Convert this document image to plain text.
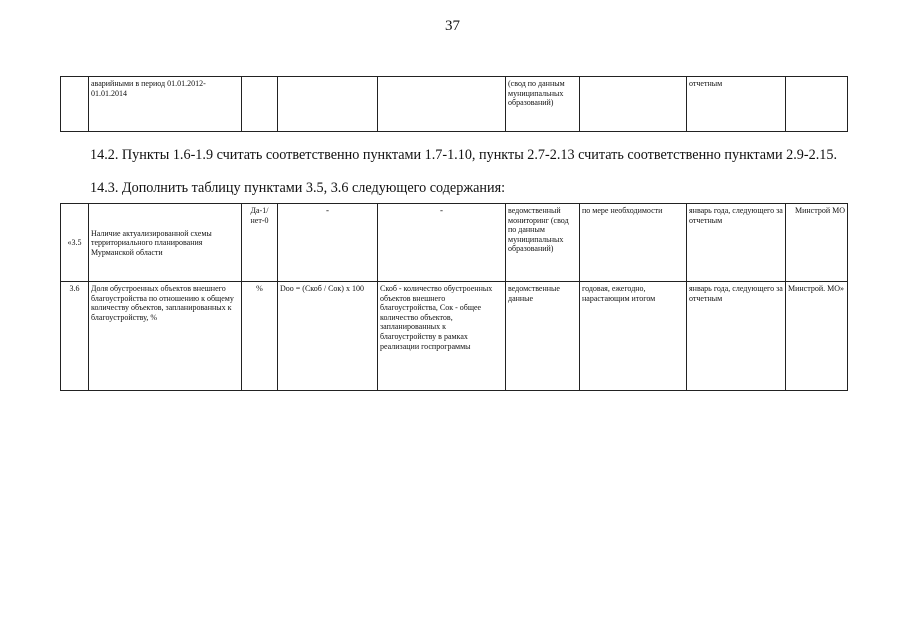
37
	аварийными в период 01.01.2012-01.01.2014				(свод по данным муниципальных образований)		отчетным	

14.2. Пункты 1.6-1.9 считать соответственно пунктами 1.7-1.10, пункты 2.7-2.13 считать соответственно пунктами 2.9-2.15.

14.3. Дополнить таблицу пунктами 3.5, 3.6 следующего содержания:

«3.5	Наличие актуализированной схемы территориального планирования Мурманской области	Да-1/нет-0	-	-	ведомственный мониторинг (свод по данным муниципальных образований)	по мере необходимости	январь года, следующего за отчетным	Минстрой МО
3.6	Доля обустроенных объектов внешнего благоустройства по отношению к общему количеству объектов, запланированных к благоустройству, %	%	Doo = (Скоб / Сок) x 100	Скоб - количество обустроенных объектов внешнего благоустройства, Сок - общее количество объектов, запланированных к благоустройству в рамках реализации госпрограммы	ведомственные данные	годовая, ежегодно, нарастающим итогом	январь года, следующего за отчетным	Минстрой. МО»
